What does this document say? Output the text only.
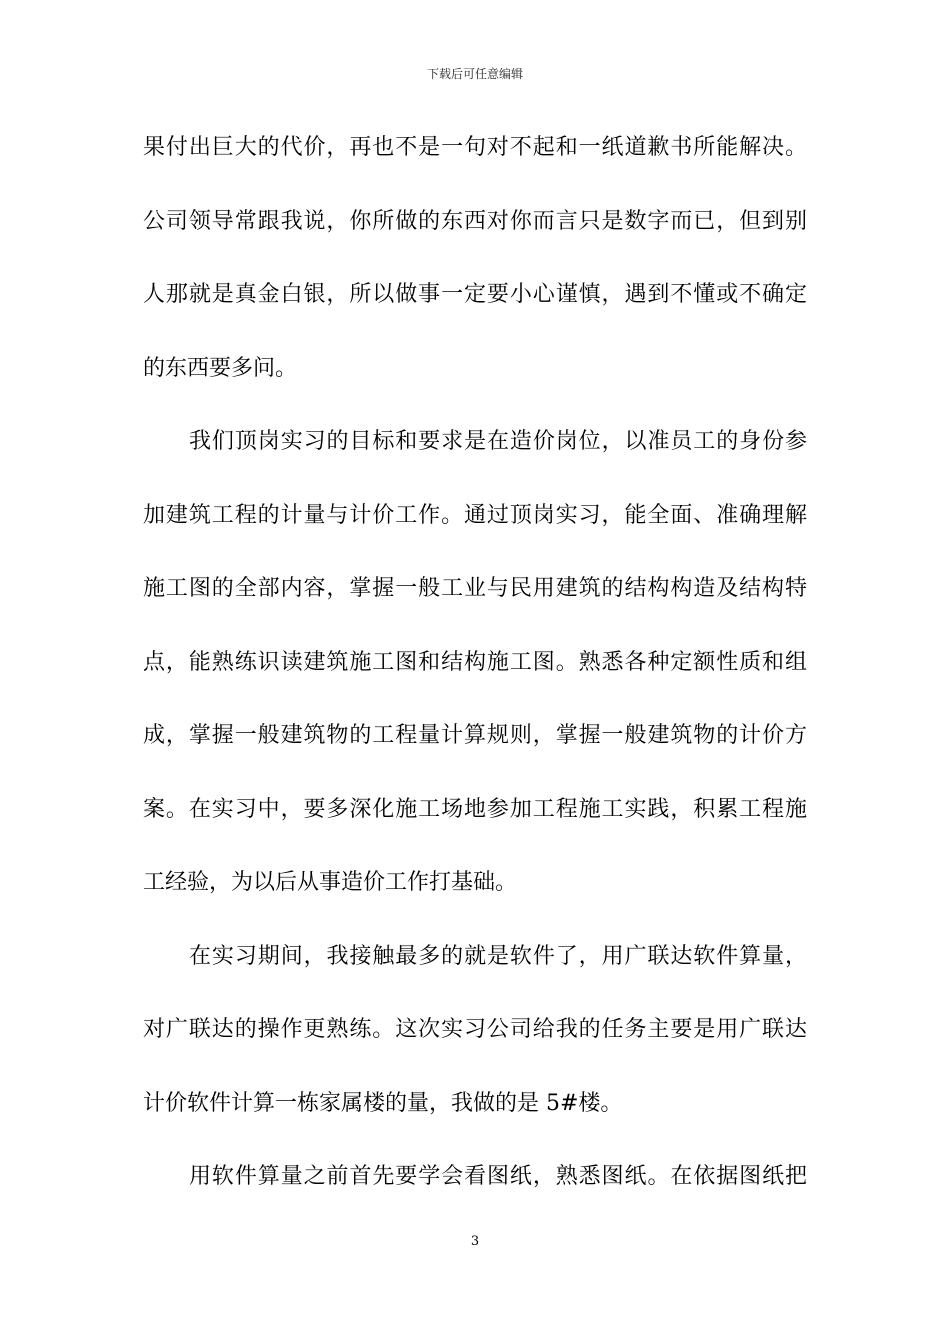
下载后可任意编辑
果付出巨大的代价，再也不是一句对不起和一纸道歉书所能解决。
公司领导常跟我说，你所做的东西对你而言只是数字而已，但到别
人那就是真金白银，所以做事一定要小心谨慎，遇到不懂或不确定
的东西要多问。
我们顶岗实习的目标和要求是在造价岗位，以准员工的身份参
加建筑工程的计量与计价工作。通过顶岗实习，能全面、准确理解
施工图的全部内容，掌握一般工业与民用建筑的结构构造及结构特
点，能熟练识读建筑施工图和结构施工图。熟悉各种定额性质和组
成，掌握一般建筑物的工程量计算规则，掌握一般建筑物的计价方
案。在实习中，要多深化施工场地参加工程施工实践，积累工程施
工经验，为以后从事造价工作打基础。
在实习期间，我接触最多的就是软件了，用广联达软件算量，
对广联达的操作更熟练。这次实习公司给我的任务主要是用广联达
计价软件计算一栋家属楼的量，我做的是 5#楼。
用软件算量之前首先要学会看图纸，熟悉图纸。在依据图纸把
3
